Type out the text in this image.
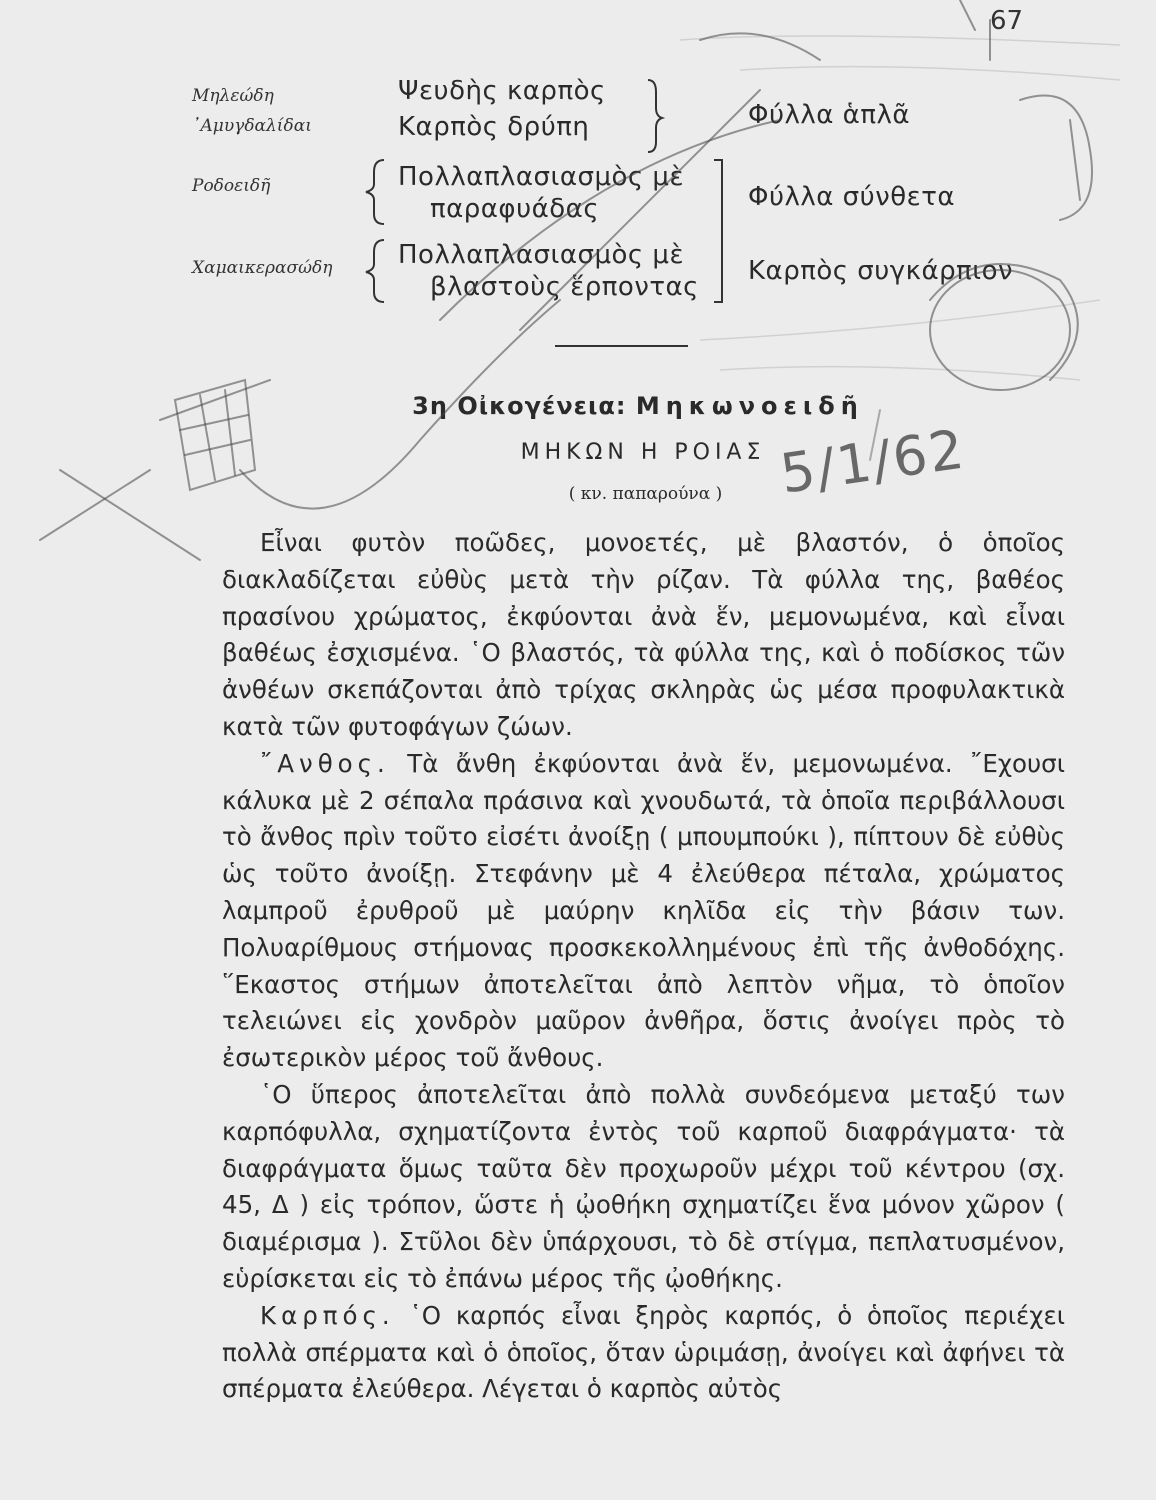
67
Μηλεώδη
᾿Αμυγδαλίδαι
Ροδοειδῆ
Χαμαικερασώδη
Ψευδὴς καρπὸς
Καρπὸς δρύπη
Πολλαπλασιασμὸς μὲ
παραφυάδας
Πολλαπλασιασμὸς μὲ
βλαστοὺς ἕρποντας
Φύλλα ἁπλᾶ
Φύλλα σύνθετα
Καρπὸς συγκάρπιον
3η Οἰκογένεια: Μηκωνοειδῆ
ΜΗΚΩΝ Η ΡΟΙΑΣ
( κν. παπαρούνα )

Εἶναι φυτὸν ποῶδες, μονοετές, μὲ βλαστόν, ὁ ὁποῖος διακλαδίζεται εὐθὺς μετὰ τὴν ρίζαν. Τὰ φύλλα της, βαθέος πρασίνου χρώματος, ἐκφύονται ἀνὰ ἕν, μεμονωμένα, καὶ εἶναι βαθέως ἐσχισμένα. ῾Ο βλαστός, τὰ φύλλα της, καὶ ὁ ποδίσκος τῶν ἀνθέων σκεπάζονται ἀπὸ τρίχας σκληρὰς ὡς μέσα προφυλακτικὰ κατὰ τῶν φυτοφάγων ζώων.

῎Ανθος. Τὰ ἄνθη ἐκφύονται ἀνὰ ἕν, μεμονωμένα. ῎Εχουσι κάλυκα μὲ 2 σέπαλα πράσινα καὶ χνουδωτά, τὰ ὁποῖα περιβάλλουσι τὸ ἄνθος πρὶν τοῦτο εἰσέτι ἀνοίξῃ ( μπουμπούκι ), πίπτουν δὲ εὐθὺς ὡς τοῦτο ἀνοίξῃ. Στεφάνην μὲ 4 ἐλεύθερα πέταλα, χρώματος λαμπροῦ ἐρυθροῦ μὲ μαύρην κηλῖδα εἰς τὴν βάσιν των. Πολυαρίθμους στήμονας προσκεκολλημένους ἐπὶ τῆς ἀνθοδόχης. ῞Εκαστος στήμων ἀποτελεῖται ἀπὸ λεπτὸν νῆμα, τὸ ὁποῖον τελειώνει εἰς χονδρὸν μαῦρον ἀνθῆρα, ὅστις ἀνοίγει πρὸς τὸ ἐσωτερικὸν μέρος τοῦ ἄνθους.

῾Ο ὕπερος ἀποτελεῖται ἀπὸ πολλὰ συνδεόμενα μεταξύ των καρπόφυλλα, σχηματίζοντα ἐντὸς τοῦ καρποῦ διαφράγματα· τὰ διαφράγματα ὅμως ταῦτα δὲν προχωροῦν μέχρι τοῦ κέντρου (σχ. 45, Δ ) εἰς τρόπον, ὥστε ἡ ᾠοθήκη σχηματίζει ἕνα μόνον χῶρον ( διαμέρισμα ). Στῦλοι δὲν ὑπάρχουσι, τὸ δὲ στίγμα, πεπλατυσμένον, εὑρίσκεται εἰς τὸ ἐπάνω μέρος τῆς ᾠοθήκης.

Καρπός. ῾Ο καρπός εἶναι ξηρὸς καρπός, ὁ ὁποῖος περιέχει πολλὰ σπέρματα καὶ ὁ ὁποῖος, ὅταν ὡριμάσῃ, ἀνοίγει καὶ ἀφήνει τὰ σπέρματα ἐλεύθερα. Λέγεται ὁ καρπὸς αὐτὸς

5/1/62
